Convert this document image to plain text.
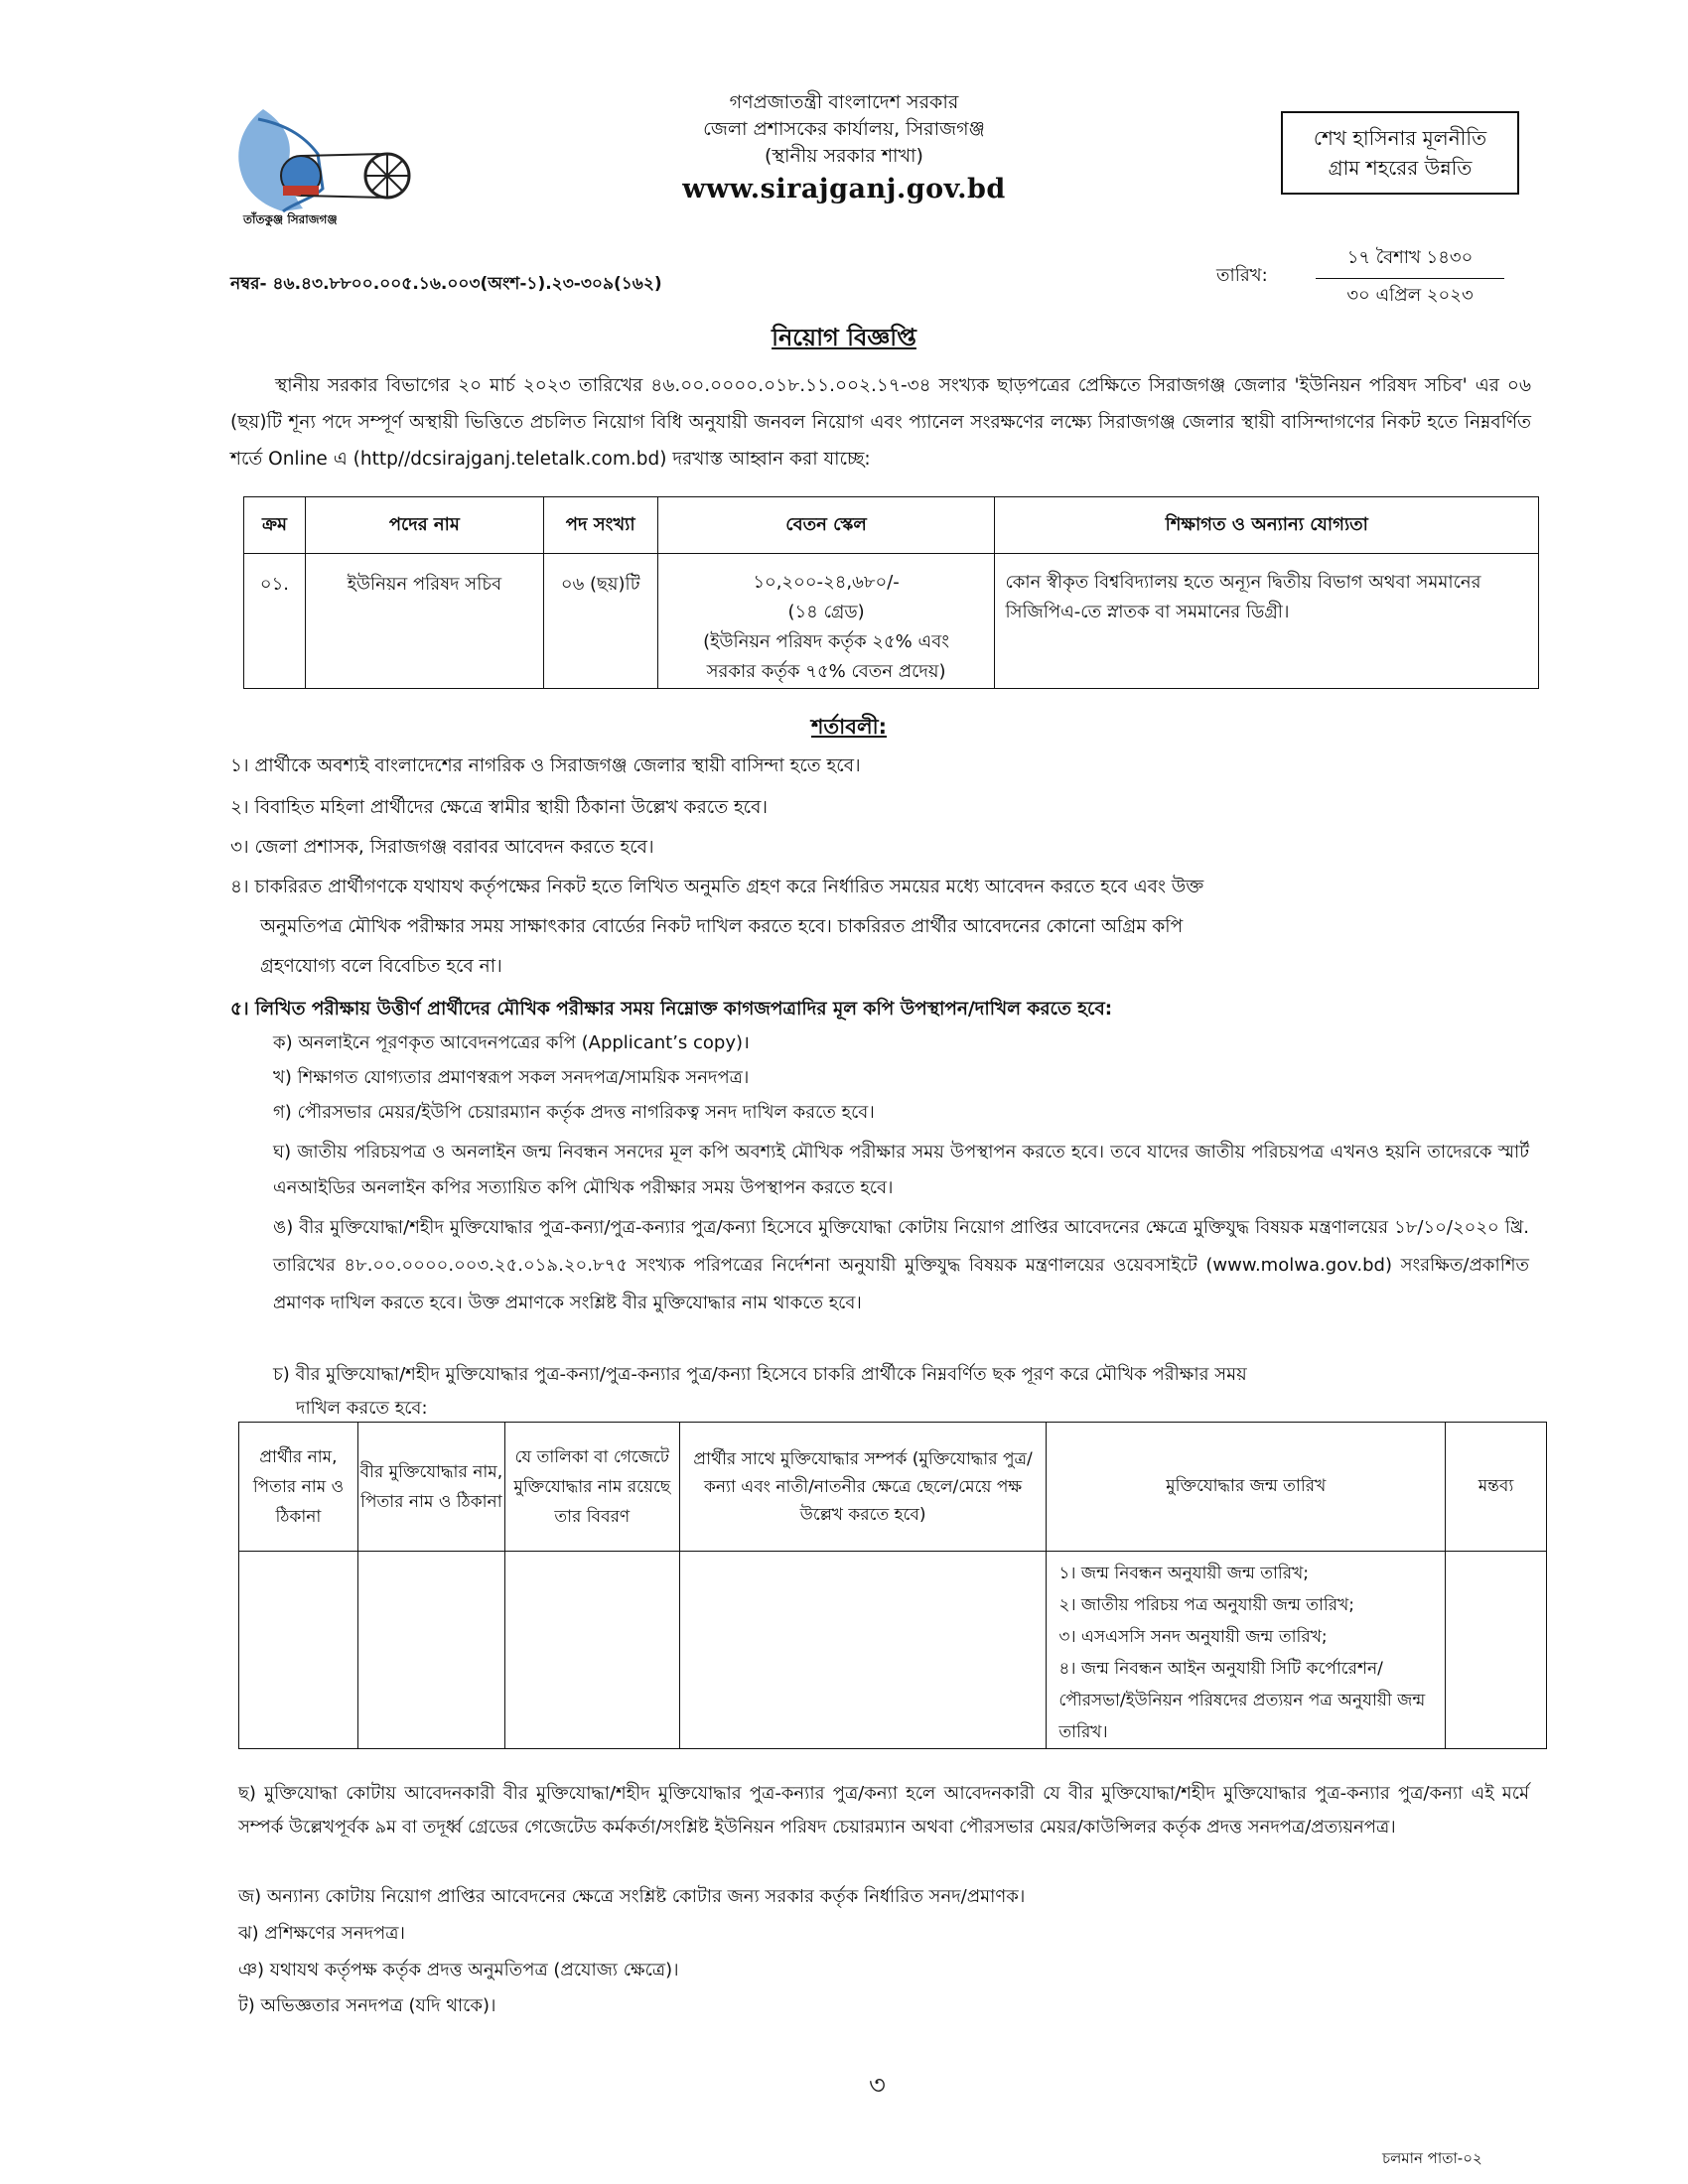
তাঁতকুঞ্জ সিরাজগঞ্জ
গণপ্রজাতন্ত্রী বাংলাদেশ সরকার
জেলা প্রশাসকের কার্যালয়, সিরাজগঞ্জ
(স্থানীয় সরকার শাখা)
www.sirajganj.gov.bd
শেখ হাসিনার মূলনীতি
গ্রাম শহরের উন্নতি
নম্বর- ৪৬.৪৩.৮৮০০.০০৫.১৬.০০৩(অংশ-১).২৩-৩০৯(১৬২)	তারিখ:
১৭ বৈশাখ ১৪৩০
৩০ এপ্রিল ২০২৩
নিয়োগ বিজ্ঞপ্তি
স্থানীয় সরকার বিভাগের ২০ মার্চ ২০২৩ তারিখের ৪৬.০০.০০০০.০১৮.১১.০০২.১৭-৩৪ সংখ্যক ছাড়পত্রের প্রেক্ষিতে সিরাজগঞ্জ জেলার 'ইউনিয়ন পরিষদ সচিব' এর ০৬ (ছয়)টি শূন্য পদে সম্পূর্ণ অস্থায়ী ভিত্তিতে প্রচলিত নিয়োগ বিধি অনুযায়ী জনবল নিয়োগ এবং প্যানেল সংরক্ষণের লক্ষ্যে সিরাজগঞ্জ জেলার স্থায়ী বাসিন্দাগণের নিকট হতে নিম্নবর্ণিত শর্তে Online এ (http//dcsirajganj.teletalk.com.bd) দরখাস্ত আহ্বান করা যাচ্ছে:
ক্রম	পদের নাম	পদ সংখ্যা	বেতন স্কেল	শিক্ষাগত ও অন্যান্য যোগ্যতা
০১.	ইউনিয়ন পরিষদ সচিব	০৬ (ছয়)টি	১০,২০০-২৪,৬৮০/-
(১৪ গ্রেড)
(ইউনিয়ন পরিষদ কর্তৃক ২৫% এবং
সরকার কর্তৃক ৭৫% বেতন প্রদেয়)	কোন স্বীকৃত বিশ্ববিদ্যালয় হতে অন্যূন দ্বিতীয় বিভাগ অথবা সমমানের সিজিপিএ-তে স্নাতক বা সমমানের ডিগ্রী।
শর্তাবলী:
১। প্রার্থীকে অবশ্যই বাংলাদেশের নাগরিক ও সিরাজগঞ্জ জেলার স্থায়ী বাসিন্দা হতে হবে।
২। বিবাহিত মহিলা প্রার্থীদের ক্ষেত্রে স্বামীর স্থায়ী ঠিকানা উল্লেখ করতে হবে।
৩। জেলা প্রশাসক, সিরাজগঞ্জ বরাবর আবেদন করতে হবে।
৪। চাকরিরত প্রার্থীগণকে যথাযথ কর্তৃপক্ষের নিকট হতে লিখিত অনুমতি গ্রহণ করে নির্ধারিত সময়ের মধ্যে আবেদন করতে হবে এবং উক্ত
অনুমতিপত্র মৌখিক পরীক্ষার সময় সাক্ষাৎকার বোর্ডের নিকট দাখিল করতে হবে। চাকরিরত প্রার্থীর আবেদনের কোনো অগ্রিম কপি
গ্রহণযোগ্য বলে বিবেচিত হবে না।
৫। লিখিত পরীক্ষায় উত্তীর্ণ প্রার্থীদের মৌখিক পরীক্ষার সময় নিম্নোক্ত কাগজপত্রাদির মূল কপি উপস্থাপন/দাখিল করতে হবে:
ক) অনলাইনে পূরণকৃত আবেদনপত্রের কপি (Applicant’s copy)।
খ) শিক্ষাগত যোগ্যতার প্রমাণস্বরূপ সকল সনদপত্র/সাময়িক সনদপত্র।
গ) পৌরসভার মেয়র/ইউপি চেয়ারম্যান কর্তৃক প্রদত্ত নাগরিকত্ব সনদ দাখিল করতে হবে।
ঘ) জাতীয় পরিচয়পত্র ও অনলাইন জন্ম নিবন্ধন সনদের মূল কপি অবশ্যই মৌখিক পরীক্ষার সময় উপস্থাপন করতে হবে। তবে যাদের জাতীয় পরিচয়পত্র এখনও হয়নি তাদেরকে স্মার্ট এনআইডির অনলাইন কপির সত্যায়িত কপি মৌখিক পরীক্ষার সময় উপস্থাপন করতে হবে।
ঙ) বীর মুক্তিযোদ্ধা/শহীদ মুক্তিযোদ্ধার পুত্র-কন্যা/পুত্র-কন্যার পুত্র/কন্যা হিসেবে মুক্তিযোদ্ধা কোটায় নিয়োগ প্রাপ্তির আবেদনের ক্ষেত্রে মুক্তিযুদ্ধ বিষয়ক মন্ত্রণালয়ের ১৮/১০/২০২০ খ্রি. তারিখের ৪৮.০০.০০০০.০০৩.২৫.০১৯.২০.৮৭৫ সংখ্যক পরিপত্রের নির্দেশনা অনুযায়ী মুক্তিযুদ্ধ বিষয়ক মন্ত্রণালয়ের ওয়েবসাইটে (www.molwa.gov.bd) সংরক্ষিত/প্রকাশিত প্রমাণক দাখিল করতে হবে। উক্ত প্রমাণকে সংশ্লিষ্ট বীর মুক্তিযোদ্ধার নাম থাকতে হবে।
চ) বীর মুক্তিযোদ্ধা/শহীদ মুক্তিযোদ্ধার পুত্র-কন্যা/পুত্র-কন্যার পুত্র/কন্যা হিসেবে চাকরি প্রার্থীকে নিম্নবর্ণিত ছক পূরণ করে মৌখিক পরীক্ষার সময়
দাখিল করতে হবে:
প্রার্থীর নাম, পিতার নাম ও ঠিকানা	বীর মুক্তিযোদ্ধার নাম, পিতার নাম ও ঠিকানা	যে তালিকা বা গেজেটে মুক্তিযোদ্ধার নাম রয়েছে তার বিবরণ	প্রার্থীর সাথে মুক্তিযোদ্ধার সম্পর্ক (মুক্তিযোদ্ধার পুত্র/কন্যা এবং নাতী/নাতনীর ক্ষেত্রে ছেলে/মেয়ে পক্ষ উল্লেখ করতে হবে)	মুক্তিযোদ্ধার জন্ম তারিখ	মন্তব্য

				১। জন্ম নিবন্ধন অনুযায়ী জন্ম তারিখ;
২। জাতীয় পরিচয় পত্র অনুযায়ী জন্ম তারিখ;
৩। এসএসসি সনদ অনুযায়ী জন্ম তারিখ;
৪। জন্ম নিবন্ধন আইন অনুযায়ী সিটি কর্পোরেশন/পৌরসভা/ইউনিয়ন পরিষদের প্রত্যয়ন পত্র অনুযায়ী জন্ম তারিখ।	

ছ) মুক্তিযোদ্ধা কোটায় আবেদনকারী বীর মুক্তিযোদ্ধা/শহীদ মুক্তিযোদ্ধার পুত্র-কন্যার পুত্র/কন্যা হলে আবেদনকারী যে বীর মুক্তিযোদ্ধা/শহীদ মুক্তিযোদ্ধার পুত্র-কন্যার পুত্র/কন্যা এই মর্মে সম্পর্ক উল্লেখপূর্বক ৯ম বা তদূর্ধ্ব গ্রেডের গেজেটেড কর্মকর্তা/সংশ্লিষ্ট ইউনিয়ন পরিষদ চেয়ারম্যান অথবা পৌরসভার মেয়র/কাউন্সিলর কর্তৃক প্রদত্ত সনদপত্র/প্রত্যয়নপত্র।
জ) অন্যান্য কোটায় নিয়োগ প্রাপ্তির আবেদনের ক্ষেত্রে সংশ্লিষ্ট কোটার জন্য সরকার কর্তৃক নির্ধারিত সনদ/প্রমাণক।
ঝ) প্রশিক্ষণের সনদপত্র।
ঞ) যথাযথ কর্তৃপক্ষ কর্তৃক প্রদত্ত অনুমতিপত্র (প্রযোজ্য ক্ষেত্রে)।
ট) অভিজ্ঞতার সনদপত্র (যদি থাকে)।
৩
চলমান পাতা-০২
